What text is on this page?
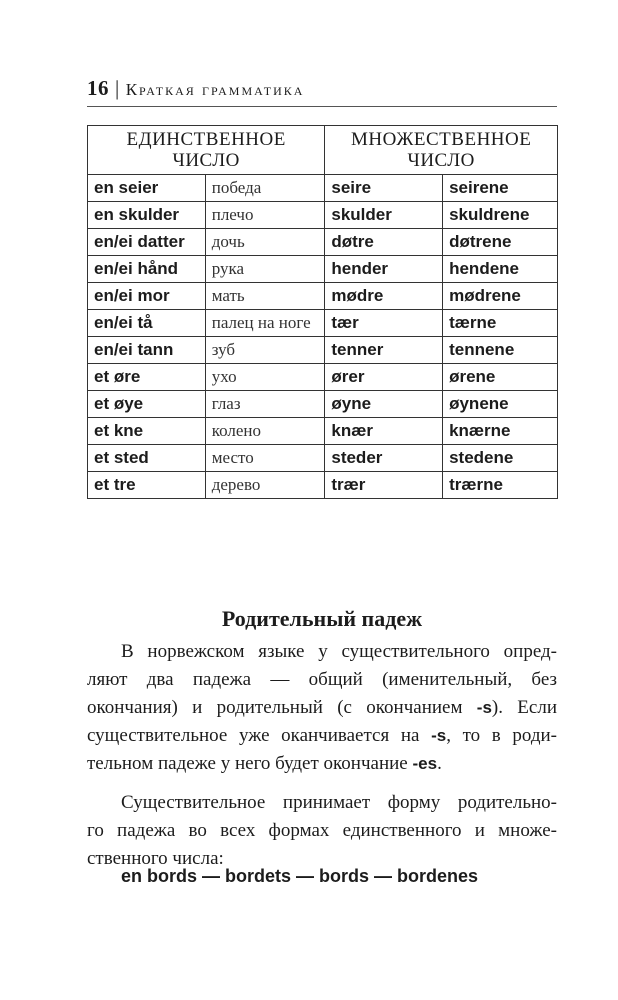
16 | Краткая грамматика
ЕДИНСТВЕННОЕ ЧИСЛО		МНОЖЕСТВЕННОЕ ЧИСЛО	
en seier	победа	seire	seirene
en skulder	плечо	skulder	skuldrene
en/ei datter	дочь	døtre	døtrene
en/ei hånd	рука	hender	hendene
en/ei mor	мать	mødre	mødrene
en/ei tå	палец на ноге	tær	tærne
en/ei tann	зуб	tenner	tennene
et øre	ухо	ører	ørene
et øye	глаз	øyne	øynene
et kne	колено	knær	knærne
et sted	место	steder	stedene
et tre	дерево	trær	trærne
Родительный падеж
В норвежском языке у существительного опред-
ляют два падежа — общий (именительный, без
окончания) и родительный (с окончанием -s). Если
существительное уже оканчивается на -s, то в роди-
тельном падеже у него будет окончание -es.
Существительное принимает форму родительно-
го падежа во всех формах единственного и множе-
ственного числа:
en bords — bordets — bords — bordenes
